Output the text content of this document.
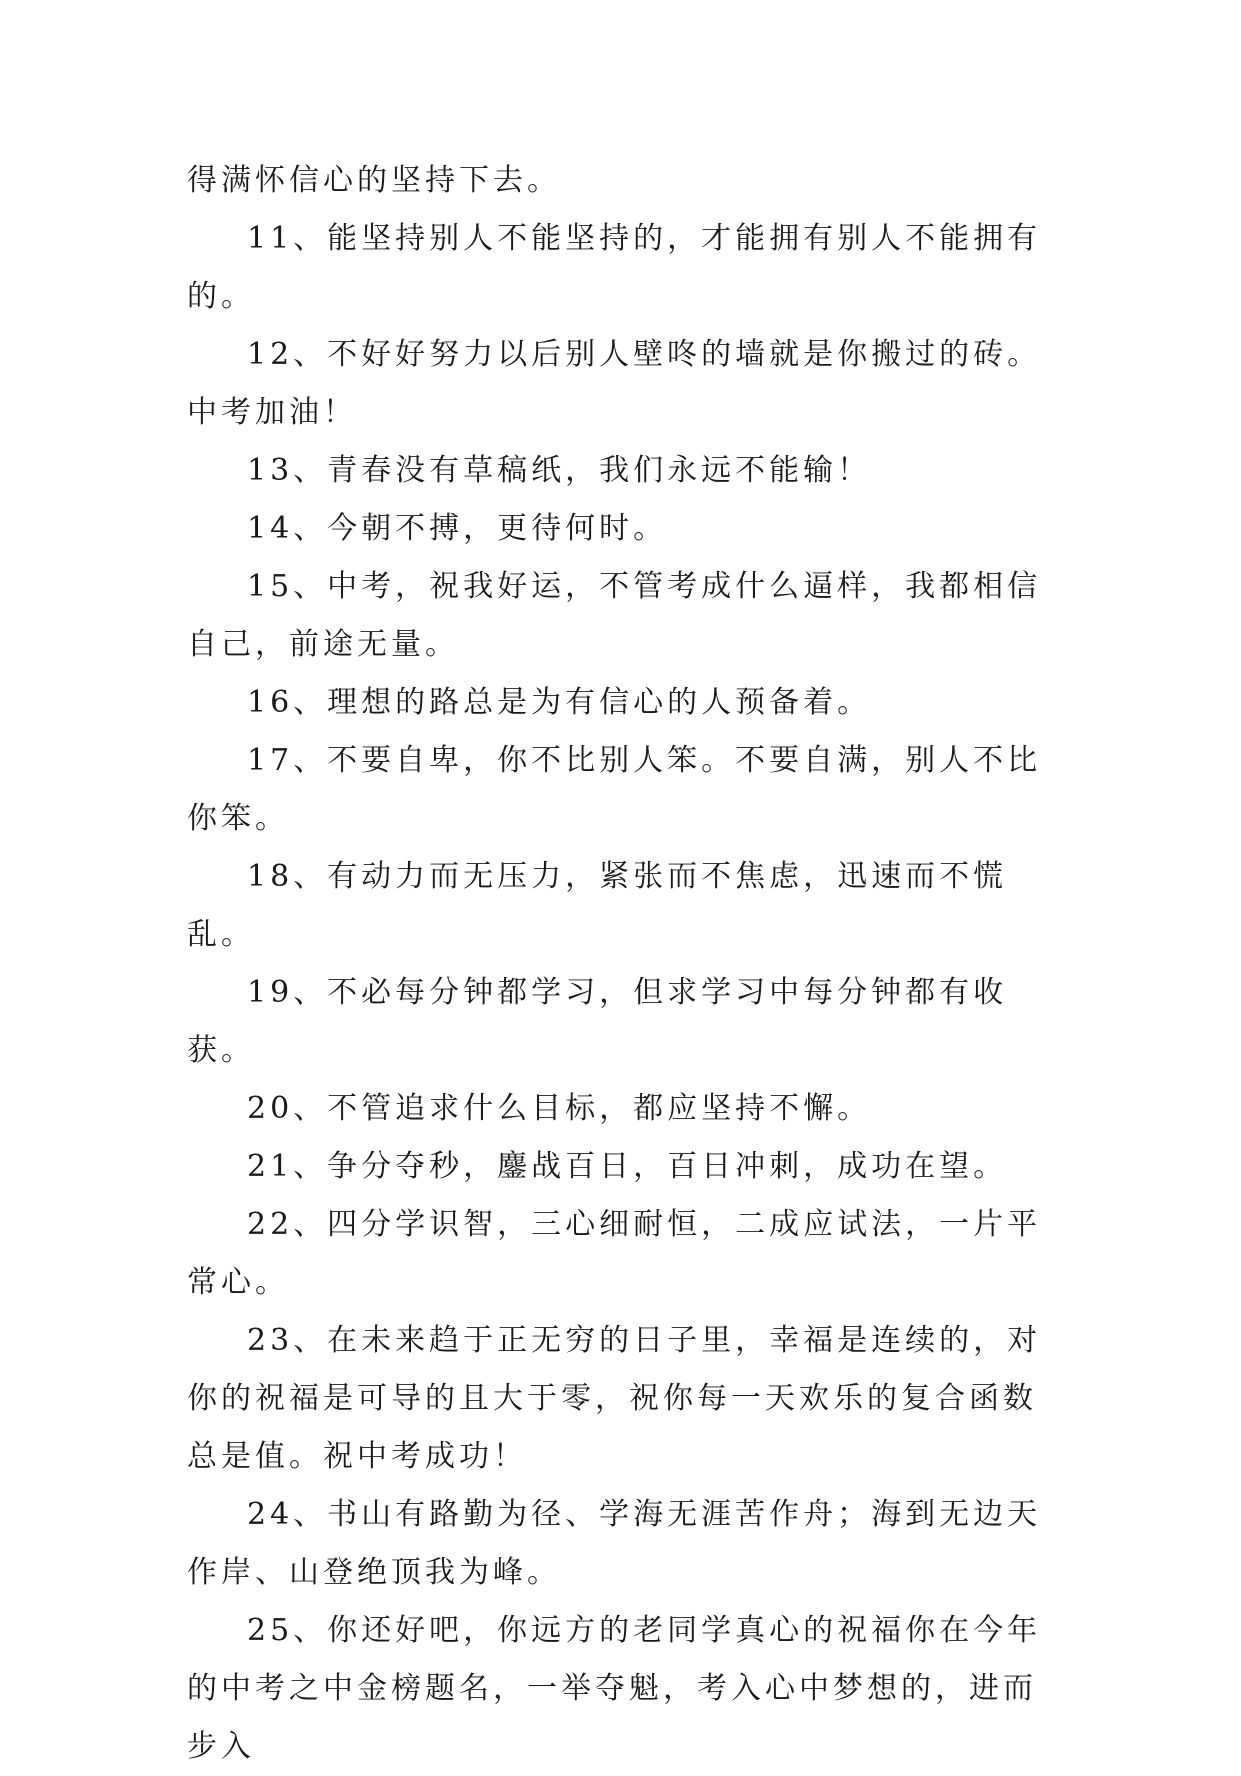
得满怀信心的坚持下去。

11、能坚持别人不能坚持的，才能拥有别人不能拥有的。

12、不好好努力以后别人壁咚的墙就是你搬过的砖。中考加油！

13、青春没有草稿纸，我们永远不能输！

14、今朝不搏，更待何时。

15、中考，祝我好运，不管考成什么逼样，我都相信自己，前途无量。

16、理想的路总是为有信心的人预备着。

17、不要自卑，你不比别人笨。不要自满，别人不比你笨。

18、有动力而无压力，紧张而不焦虑，迅速而不慌乱。

19、不必每分钟都学习，但求学习中每分钟都有收获。

20、不管追求什么目标，都应坚持不懈。

21、争分夺秒，鏖战百日，百日冲刺，成功在望。

22、四分学识智，三心细耐恒，二成应试法，一片平常心。

23、在未来趋于正无穷的日子里，幸福是连续的，对你的祝福是可导的且大于零，祝你每一天欢乐的复合函数总是值。祝中考成功！

24、书山有路勤为径、学海无涯苦作舟；海到无边天作岸、山登绝顶我为峰。

25、你还好吧，你远方的老同学真心的祝福你在今年的中考之中金榜题名，一举夺魁，考入心中梦想的，进而步入
